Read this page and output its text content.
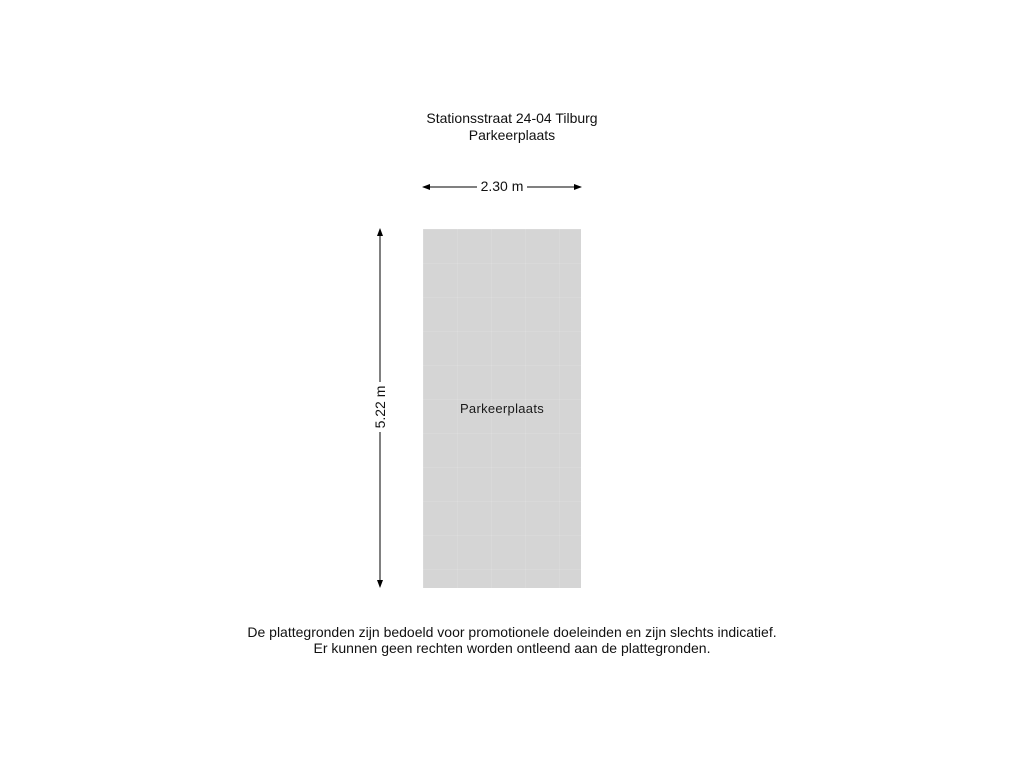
Stationsstraat 24-04 Tilburg
Parkeerplaats
2.30 m
5.22 m	Parkeerplaats
De plattegronden zijn bedoeld voor promotionele doeleinden en zijn slechts indicatief.
Er kunnen geen rechten worden ontleend aan de plattegronden.
